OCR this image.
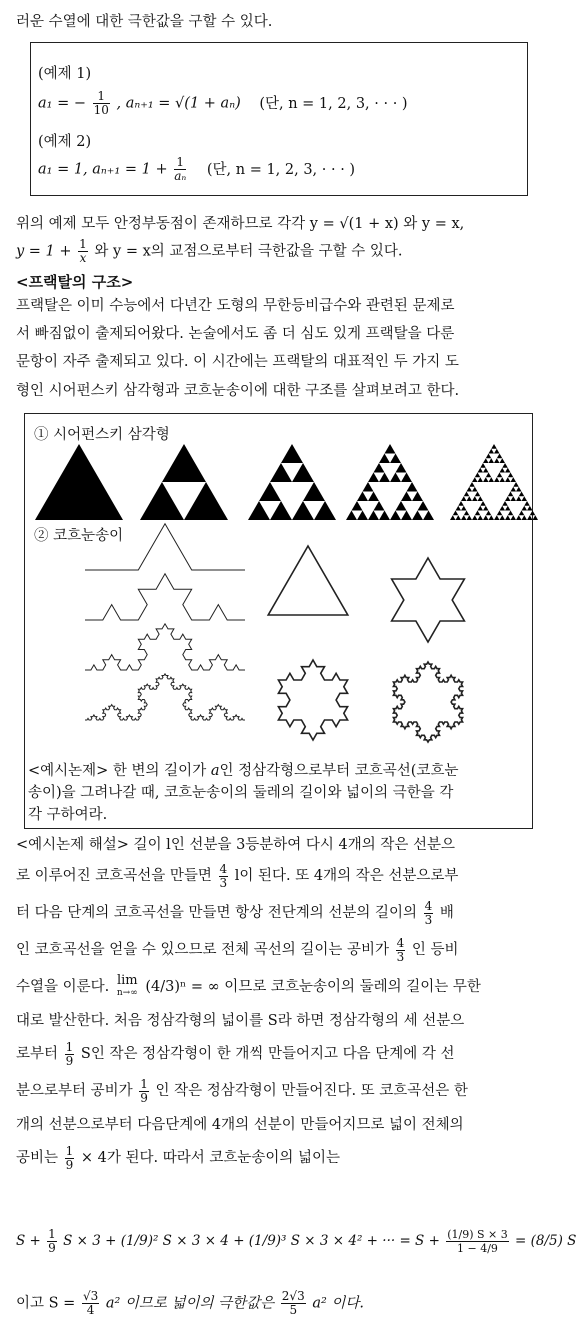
러운 수열에 대한 극한값을 구할 수 있다.
(예제 1)
a₁ = − $\frac{1}{10}$ , aₙ₊₁ = √(1 + aₙ) (단, n = 1, 2, 3, · · · )
(예제 2)
a₁ = 1, $a_{n+1} = 1 + \frac{1}{\text{aₙ}}$ (단, n = 1, 2, 3, · · · )
위의 예제 모두 안정부동점이 존재하므로 각각 y = √(1 + x) 와 y = x,
$y = 1 + \frac{1}{x}$ 와 y = x의 교점으로부터 극한값을 구할 수 있다.
<프랙탈의 구조>
프랙탈은 이미 수능에서 다년간 도형의 무한등비급수와 관련된 문제로
서 빠짐없이 출제되어왔다. 논술에서도 좀 더 심도 있게 프랙탈을 다룬
문항이 자주 출제되고 있다. 이 시간에는 프랙탈의 대표적인 두 가지 도
형인 시어펀스키 삼각형과 코흐눈송이에 대한 구조를 살펴보려고 한다.
① 시어펀스키 삼각형
② 코흐눈송이
<예시논제> 한 변의 길이가 a인 정삼각형으로부터 코흐곡선(코흐눈
송이)을 그려나갈 때, 코흐눈송이의 둘레의 길이와 넓이의 극한을 각
각 구하여라.
<예시논제 해설> 길이 l인 선분을 3등분하여 다시 4개의 작은 선분으
로 이루어진 코흐곡선을 만들면 $\frac{4}{3}$ l이 된다. 또 4개의 작은 선분으로부
터 다음 단계의 코흐곡선을 만들면 항상 전단계의 선분의 길이의 $\frac{4}{3}$ 배
인 코흐곡선을 얻을 수 있으므로 전체 곡선의 길이는 공비가 $\frac{4}{3}$ 인 등비
수열을 이룬다. lim
n→∞ (4/3)ⁿ = ∞ 이므로 코흐눈송이의 둘레의 길이는 무한
대로 발산한다. 처음 정삼각형의 넓이를 S라 하면 정삼각형의 세 선분으
로부터 $\frac{1}{9}$ S인 작은 정삼각형이 한 개씩 만들어지고 다음 단계에 각 선
분으로부터 공비가 $\frac{1}{9}$ 인 작은 정삼각형이 만들어진다. 또 코흐곡선은 한
개의 선분으로부터 다음단계에 4개의 선분이 만들어지므로 넓이 전체의
공비는 $\frac{1}{9} \times 4$가 된다. 따라서 코흐눈송이의 넓이는
$S + \frac{1}{9}$ S × 3 + (1/9)² S × 3 × 4 + (1/9)³ S × 3 × 4² + ··· = $S + \frac{(1/9) S \times 3}{1 - 4/9} = (8/5)$ S
이고 $S = \frac{√3}{4} a^2$ 이므로 넓이의 극한값은 $\frac{2√3}{5} a^2$ 이다.
